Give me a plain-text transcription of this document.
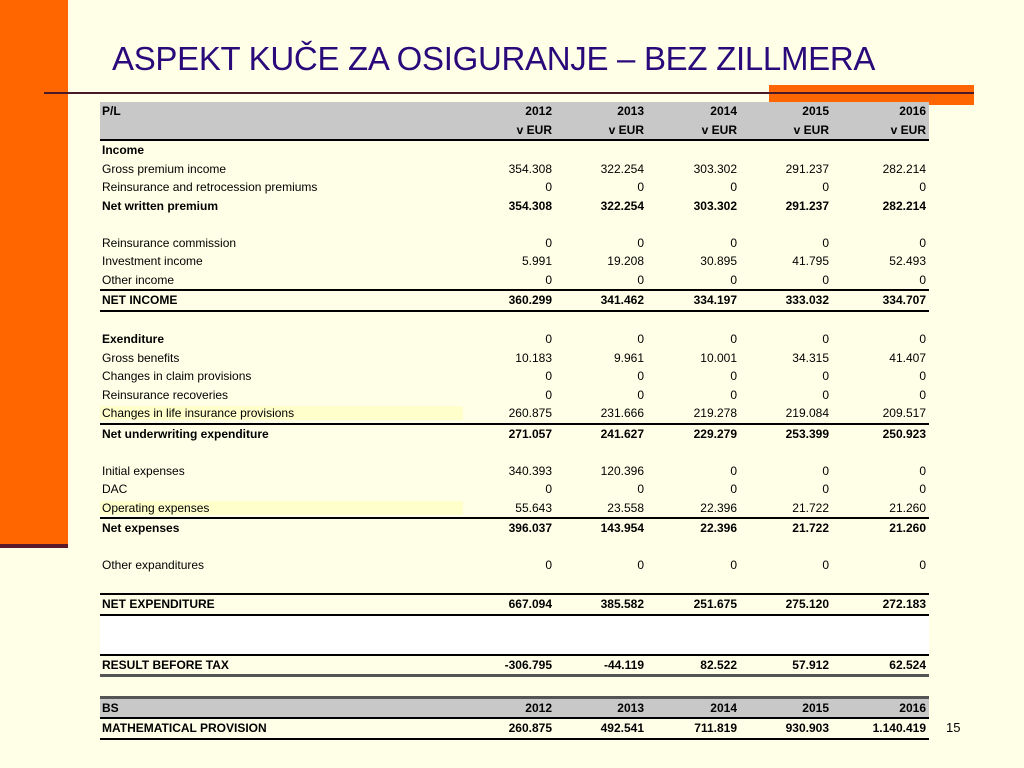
ASPEKT KUČE ZA OSIGURANJE – BEZ ZILLMERA
P/L	2012	2013	2014	2015	2016
v EUR	v EUR	v EUR	v EUR	v EUR
Income
Gross premium income	354.308	322.254	303.302	291.237	282.214
Reinsurance and retrocession premiums	0	0	0	0	0
Net written premium	354.308	322.254	303.302	291.237	282.214
Reinsurance commission	0	0	0	0	0
Investment income	5.991	19.208	30.895	41.795	52.493
Other income	0	0	0	0	0
NET INCOME	360.299	341.462	334.197	333.032	334.707
Exenditure	0	0	0	0	0
Gross benefits	10.183	9.961	10.001	34.315	41.407
Changes in claim provisions	0	0	0	0	0
Reinsurance recoveries	0	0	0	0	0
Changes in life insurance provisions	260.875	231.666	219.278	219.084	209.517
Net underwriting expenditure	271.057	241.627	229.279	253.399	250.923
Initial expenses	340.393	120.396	0	0	0
DAC	0	0	0	0	0
Operating expenses	55.643	23.558	22.396	21.722	21.260
Net expenses	396.037	143.954	22.396	21.722	21.260
Other expanditures	0	0	0	0	0
NET EXPENDITURE	667.094	385.582	251.675	275.120	272.183
RESULT BEFORE TAX	-306.795	-44.119	82.522	57.912	62.524
BS	2012	2013	2014	2015	2016
MATHEMATICAL PROVISION	260.875	492.541	711.819	930.903	1.140.419 15
